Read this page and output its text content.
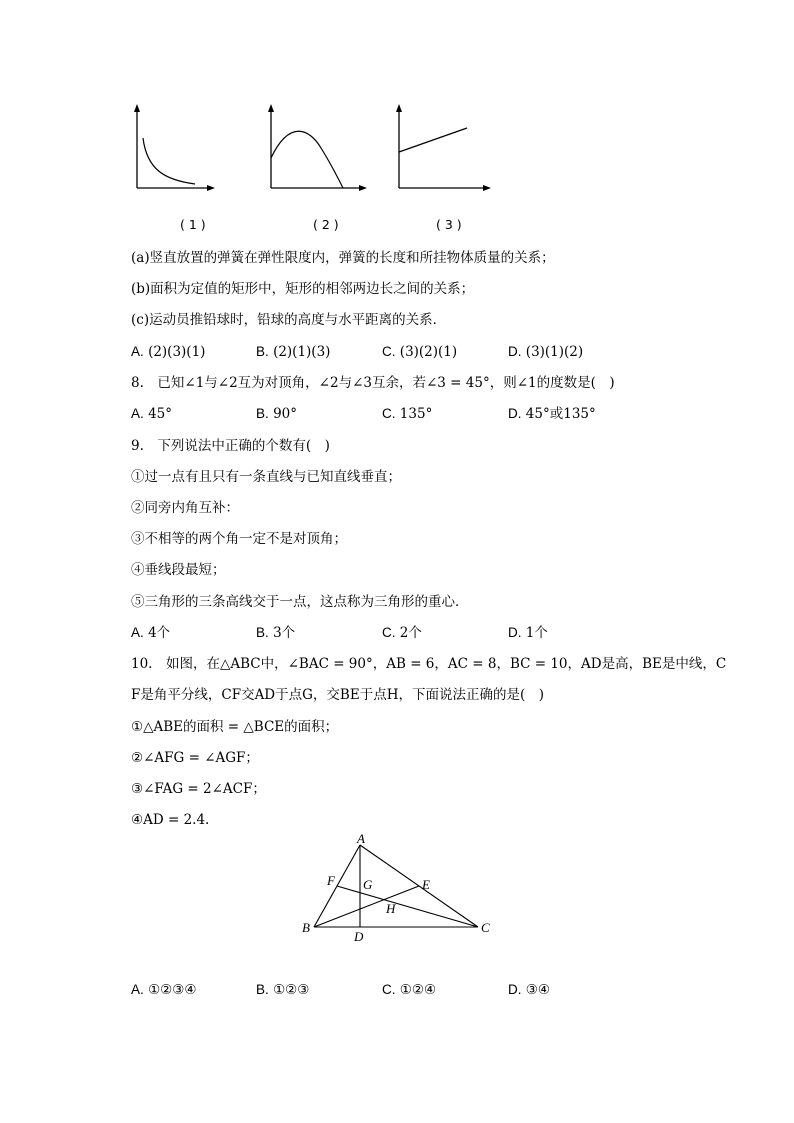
( 1 )	( 2 )	( 3 )
(a)竖直放置的弹簧在弹性限度内，弹簧的长度和所挂物体质量的关系；
(b)面积为定值的矩形中，矩形的相邻两边长之间的关系；
(c)运动员推铅球时，铅球的高度与水平距离的关系．
A. (2)(3)(1)	B. (2)(1)(3)	C. (3)(2)(1)	D. (3)(1)(2)
8.　已知∠1与∠2互为对顶角，∠2与∠3互余，若∠3 = 45°，则∠1的度数是(　)
A. 45°	B. 90°	C. 135°	D. 45°或135°
9.　下列说法中正确的个数有(　)
①过一点有且只有一条直线与已知直线垂直；
②同旁内角互补：
③不相等的两个角一定不是对顶角；
④垂线段最短；
⑤三角形的三条高线交于一点，这点称为三角形的重心．
A. 4个	B. 3个	C. 2个	D. 1个
10.　如图，在△ABC中，∠BAC = 90°，AB = 6，AC = 8，BC = 10，AD是高，BE是中线，C
F是角平分线，CF交AD于点G，交BE于点H，下面说法正确的是(　)
①△ABE的面积 = △BCE的面积；
②∠AFG = ∠AGF；
③∠FAG = 2∠ACF；
④AD = 2.4.
A
B	C
D
E
F G
H
A. ①②③④	B. ①②③	C. ①②④	D. ③④
